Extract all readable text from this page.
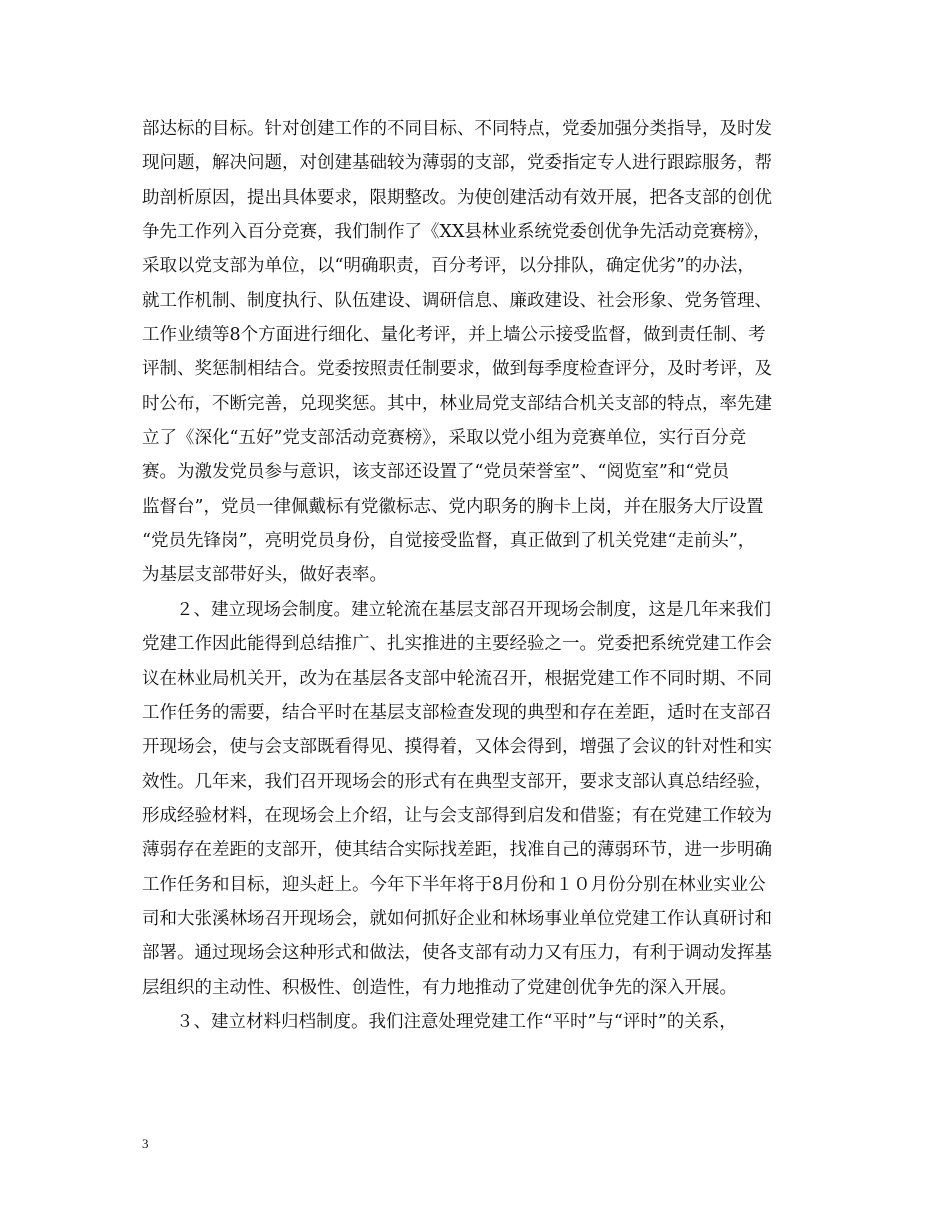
部达标的目标。针对创建工作的不同目标、不同特点，党委加强分类指导，及时发
现问题，解决问题，对创建基础较为薄弱的支部，党委指定专人进行跟踪服务，帮
助剖析原因，提出具体要求，限期整改。为使创建活动有效开展，把各支部的创优
争先工作列入百分竞赛，我们制作了《XX县林业系统党委创优争先活动竞赛榜》，
采取以党支部为单位，以“明确职责，百分考评，以分排队，确定优劣”的办法，
就工作机制、制度执行、队伍建设、调研信息、廉政建设、社会形象、党务管理、
工作业绩等8个方面进行细化、量化考评，并上墙公示接受监督，做到责任制、考
评制、奖惩制相结合。党委按照责任制要求，做到每季度检查评分，及时考评，及
时公布，不断完善，兑现奖惩。其中，林业局党支部结合机关支部的特点，率先建
立了《深化“五好”党支部活动竞赛榜》，采取以党小组为竞赛单位，实行百分竞
赛。为激发党员参与意识，该支部还设置了“党员荣誉室”、“阅览室”和“党员
监督台”，党员一律佩戴标有党徽标志、党内职务的胸卡上岗，并在服务大厅设置
“党员先锋岗”，亮明党员身份，自觉接受监督，真正做到了机关党建“走前头”，
为基层支部带好头，做好表率。
２、建立现场会制度。建立轮流在基层支部召开现场会制度，这是几年来我们
党建工作因此能得到总结推广、扎实推进的主要经验之一。党委把系统党建工作会
议在林业局机关开，改为在基层各支部中轮流召开，根据党建工作不同时期、不同
工作任务的需要，结合平时在基层支部检查发现的典型和存在差距，适时在支部召
开现场会，使与会支部既看得见、摸得着，又体会得到，增强了会议的针对性和实
效性。几年来，我们召开现场会的形式有在典型支部开，要求支部认真总结经验，
形成经验材料，在现场会上介绍，让与会支部得到启发和借鉴；有在党建工作较为
薄弱存在差距的支部开，使其结合实际找差距，找准自己的薄弱环节，进一步明确
工作任务和目标，迎头赶上。今年下半年将于8月份和１０月份分别在林业实业公
司和大张溪林场召开现场会，就如何抓好企业和林场事业单位党建工作认真研讨和
部署。通过现场会这种形式和做法，使各支部有动力又有压力，有利于调动发挥基
层组织的主动性、积极性、创造性，有力地推动了党建创优争先的深入开展。
３、建立材料归档制度。我们注意处理党建工作“平时”与“评时”的关系，
3
